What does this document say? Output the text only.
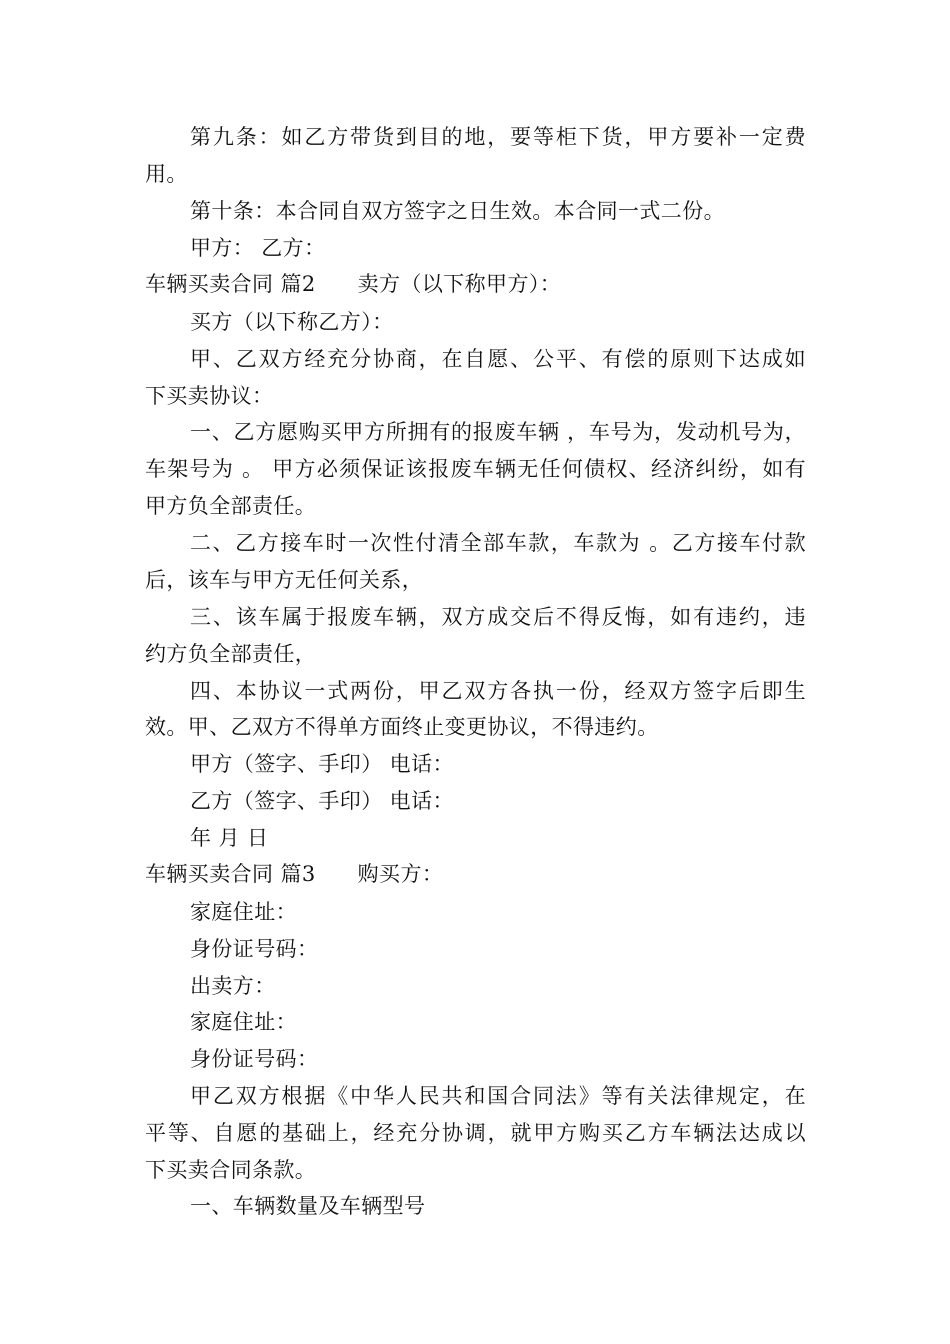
第九条：如乙方带货到目的地，要等柜下货，甲方要补一定费
用。
第十条：本合同自双方签字之日生效。本合同一式二份。
甲方： 乙方：
车辆买卖合同 篇2 卖方（以下称甲方）：
买方（以下称乙方）：
甲、乙双方经充分协商，在自愿、公平、有偿的原则下达成如
下买卖协议：
一、乙方愿购买甲方所拥有的报废车辆 ，车号为，发动机号为，
车架号为 。 甲方必须保证该报废车辆无任何债权、经济纠纷，如有
甲方负全部责任。
二、乙方接车时一次性付清全部车款，车款为 。乙方接车付款
后，该车与甲方无任何关系，
三、该车属于报废车辆，双方成交后不得反悔，如有违约，违
约方负全部责任，
四、本协议一式两份，甲乙双方各执一份，经双方签字后即生
效。甲、乙双方不得单方面终止变更协议，不得违约。
甲方（签字、手印） 电话：
乙方（签字、手印） 电话：
年 月 日
车辆买卖合同 篇3 购买方：
家庭住址：
身份证号码：
出卖方：
家庭住址：
身份证号码：
甲乙双方根据《中华人民共和国合同法》等有关法律规定，在
平等、自愿的基础上，经充分协调，就甲方购买乙方车辆法达成以
下买卖合同条款。
一、车辆数量及车辆型号
